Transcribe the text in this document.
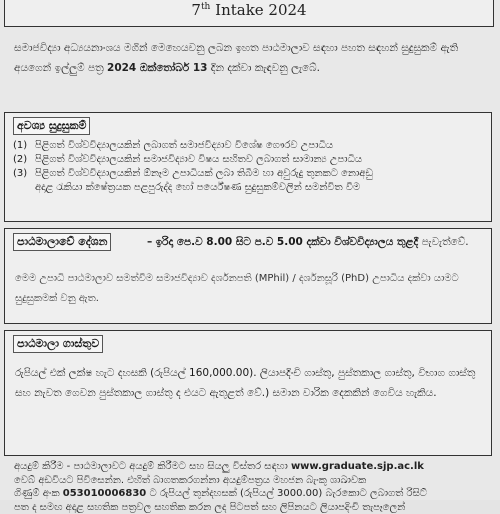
7th Intake 2024
සමාජවිද්‍යා අධ්‍යයනාංශය මගින් මෙහෙයවනු ලබන ඉහත පාඨමාලාව සඳහා පහත සඳහන් සුදුසුකම් ඇති අයගෙන් ඉල්ලුම් පත්‍ර 2024 ඔක්තෝබර් 13 දින දක්වා කැඳවනු ලැබේ.
අවශ්‍ය සුදුසුකම්
(1) පිළිගත් විශ්වවිද්‍යාලයකින් ලබාගත් සමාජවිද්‍යාව විශේෂ ගෞරව උපාධිය
(2) පිළිගත් විශ්වවිද්‍යාලයකින් සමාජවිද්‍යාව විෂය සහිතව ලබාගත් සාමාන්‍ය උපාධිය
(3) පිළිගත් විශ්වවිද්‍යාලයකින් ඕනෑම උපාධියක් ලබා තිබීම හා අවුරුදු තුනකට නොඅඩු
අදාළ රැකියා ක්ෂේත්‍රයක පළපුරුද්ද හෝ පර්යේෂණ සුදුසුකම්වලින් සමන්විත වීම
පාඨමාලාවේ දේශන	– ඉරිදා පෙ.ව 8.00 සිට ප.ව 5.00 දක්වා විශ්වවිද්‍යාලය තුළදී පැවැත්වේ.
මෙම උපාධි පාඨමාලාව සමත්වීම සමාජවිද්‍යාව දර්ශනපති (MPhil) / දර්ශනසූරි (PhD) උපාධිය දක්වා යාමට සුදුසුකමක් වනු ඇත.
පාඨමාලා ගාස්තුව
රුපියල් එක් ලක්ෂ හැට දහසකි (රුපියල් 160,000.00). ලියාපදිංචි ගාස්තු, පුස්තකාල ගාස්තු, විභාග ගාස්තු සහ නැවත ගෙවන පුස්තකාල ගාස්තු ද එයට ඇතුළත් වේ.) සමාන වාරික දෙකකින් ගෙවිය හැකිය.
අයදුම් කිරීම - පාඨමාලාවට අයදුම් කිරීමට සහ සියලු විස්තර සඳහා www.graduate.sjp.ac.lk
වෙබ් අඩවියට පිවිසෙන්න. එහිත් බාගතකරගන්නා අයදුම්පත්‍රය මහජන බැංකු ශාඛාවක
ගිණුම් අංක 053010006830 ට රුපියල් තුන්දහසක් (රුපියල් 3000.00) බැරකොට ලබාගත් රිසිට්
පත ද සමඟ අදාළ සහතික පත්‍රවල සහතික කරන ලද පිටපත් සහ ලිපිනයට ලියාපදිංචි තැපෑලෙන්
